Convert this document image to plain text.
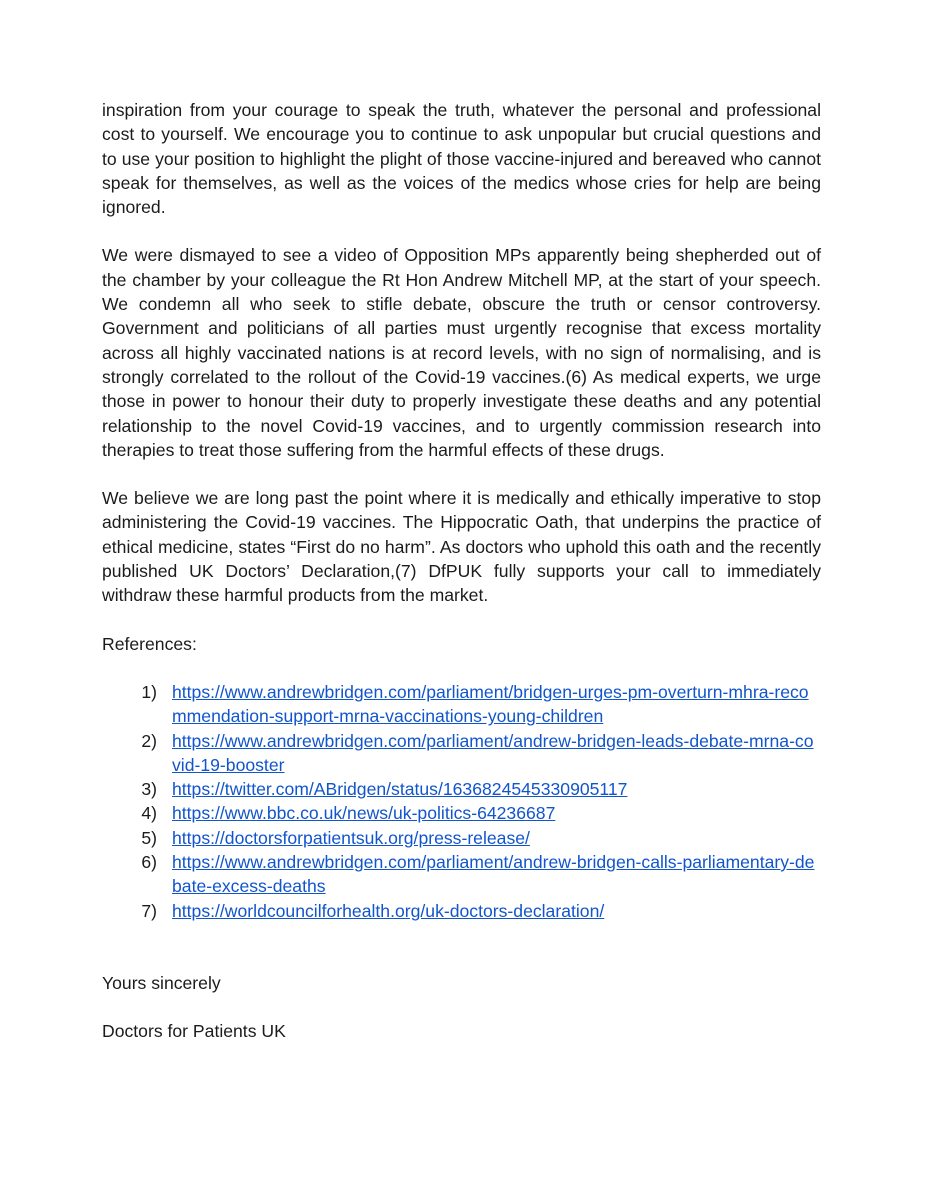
inspiration from your courage to speak the truth, whatever the personal and professional cost to yourself. We encourage you to continue to ask unpopular but crucial questions and to use your position to highlight the plight of those vaccine-injured and bereaved who cannot speak for themselves, as well as the voices of the medics whose cries for help are being ignored.

We were dismayed to see a video of Opposition MPs apparently being shepherded out of the chamber by your colleague the Rt Hon Andrew Mitchell MP, at the start of your speech. We condemn all who seek to stifle debate, obscure the truth or censor controversy. Government and politicians of all parties must urgently recognise that excess mortality across all highly vaccinated nations is at record levels, with no sign of normalising, and is strongly correlated to the rollout of the Covid-19 vaccines.(6) As medical experts, we urge those in power to honour their duty to properly investigate these deaths and any potential relationship to the novel Covid-19 vaccines, and to urgently commission research into therapies to treat those suffering from the harmful effects of these drugs.

We believe we are long past the point where it is medically and ethically imperative to stop administering the Covid-19 vaccines. The Hippocratic Oath, that underpins the practice of ethical medicine, states “First do no harm”. As doctors who uphold this oath and the recently published UK Doctors’ Declaration,(7) DfPUK fully supports your call to immediately withdraw these harmful products from the market.

References:

1) https://www.andrewbridgen.com/parliament/bridgen-urges-pm-overturn-mhra-recommendation-support-mrna-vaccinations-young-children
2) https://www.andrewbridgen.com/parliament/andrew-bridgen-leads-debate-mrna-covid-19-booster
3) https://twitter.com/ABridgen/status/1636824545330905117
4) https://www.bbc.co.uk/news/uk-politics-64236687
5) https://doctorsforpatientsuk.org/press-release/
6) https://www.andrewbridgen.com/parliament/andrew-bridgen-calls-parliamentary-debate-excess-deaths
7) https://worldcouncilforhealth.org/uk-doctors-declaration/

Yours sincerely

Doctors for Patients UK
